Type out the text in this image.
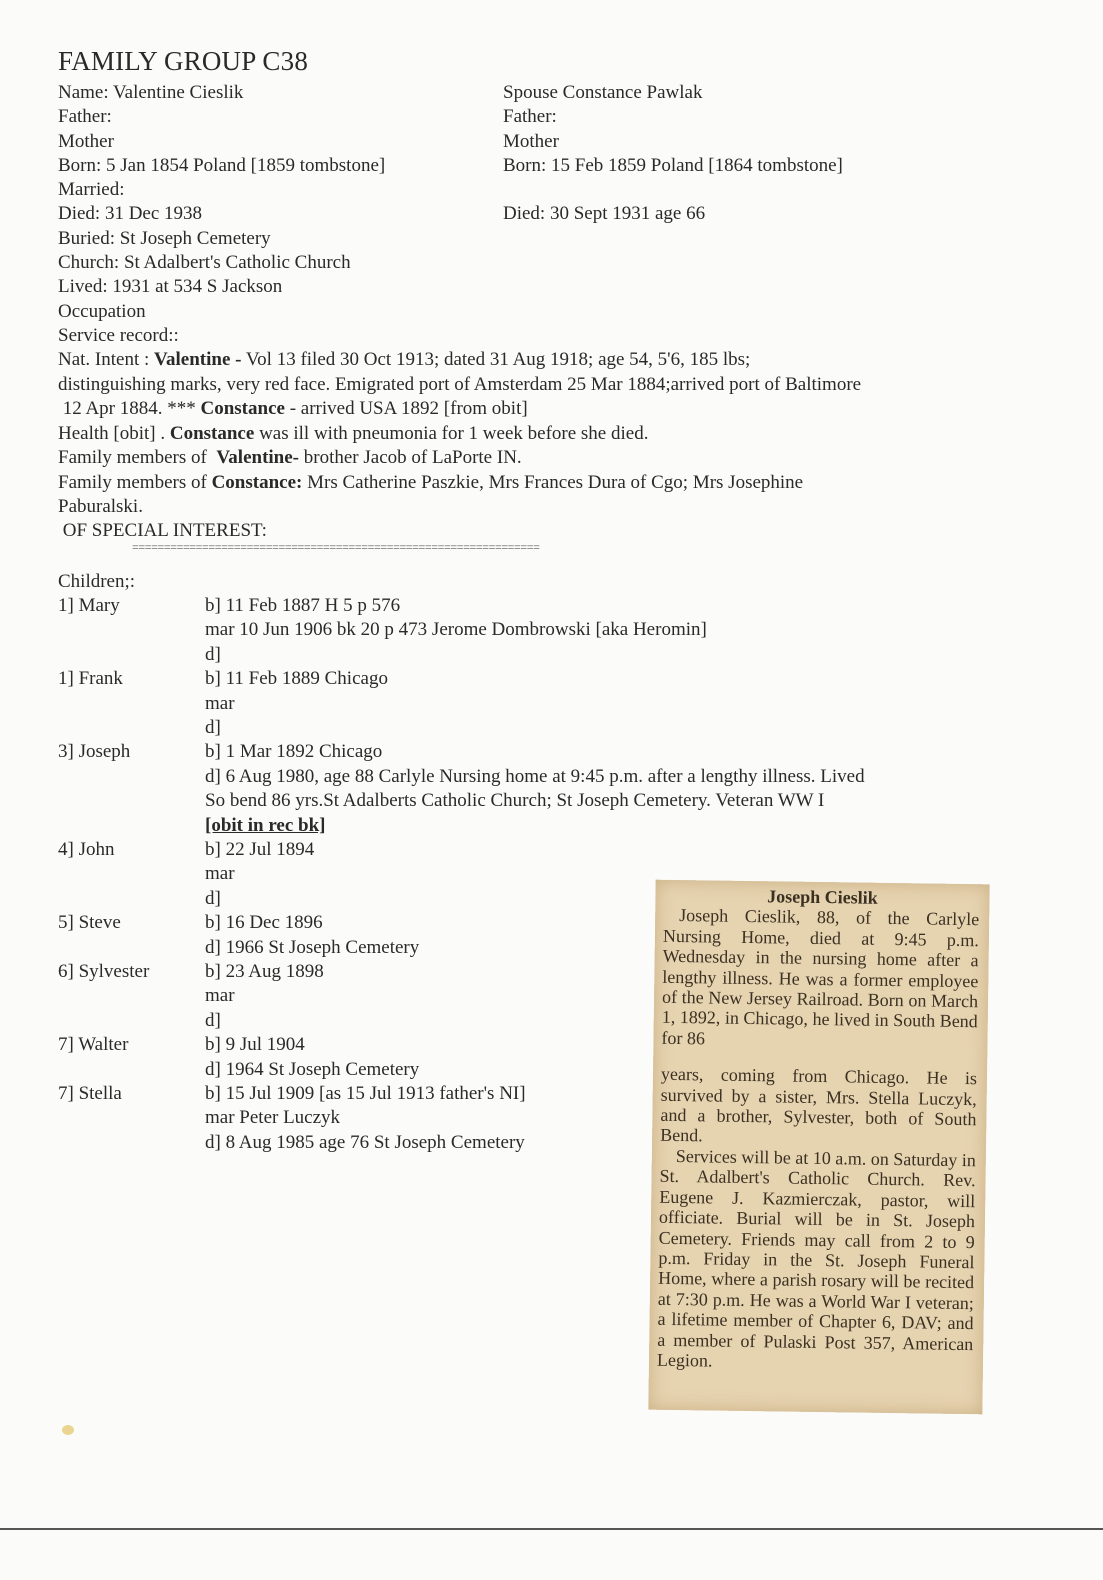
FAMILY GROUP C38
Name: Valentine Cieslik
Father:
Mother
Born: 5 Jan 1854 Poland [1859 tombstone]
Married:
Died: 31 Dec 1938
Buried: St Joseph Cemetery
Church: St Adalbert's Catholic Church
Lived: 1931 at 534 S Jackson
Occupation
Service record::
Spouse Constance Pawlak
Father:
Mother
Born: 15 Feb 1859 Poland [1864 tombstone]
Died: 30 Sept 1931 age 66
Nat. Intent : Valentine - Vol 13 filed 30 Oct 1913; dated 31 Aug 1918; age 54, 5'6, 185 lbs;
distinguishing marks, very red face. Emigrated port of Amsterdam 25 Mar 1884;arrived port of Baltimore
12 Apr 1884. *** Constance - arrived USA 1892 [from obit]
Health [obit] . Constance was ill with pneumonia for 1 week before she died.
Family members of  Valentine- brother Jacob of LaPorte IN.
Family members of Constance: Mrs Catherine Paszkie, Mrs Frances Dura of Cgo; Mrs Josephine
Paburalski.
OF SPECIAL INTEREST:
================================================================
Children;:
1] Mary	b] 11 Feb 1887 H 5 p 576
mar 10 Jun 1906 bk 20 p 473 Jerome Dombrowski [aka Heromin]
d]
1] Frank	b] 11 Feb 1889 Chicago
mar
d]
3] Joseph	b] 1 Mar 1892 Chicago
d] 6 Aug 1980, age 88 Carlyle Nursing home at 9:45 p.m. after a lengthy illness. Lived
So bend 86 yrs.St Adalberts Catholic Church; St Joseph Cemetery. Veteran WW I
[obit in rec bk]
4] John	b] 22 Jul 1894
mar
d]
5] Steve	b] 16 Dec 1896
d] 1966 St Joseph Cemetery
6] Sylvester	b] 23 Aug 1898
mar
d]
7] Walter	b] 9 Jul 1904
d] 1964 St Joseph Cemetery
7] Stella	b] 15 Jul 1909 [as 15 Jul 1913 father's NI]
mar Peter Luczyk
d] 8 Aug 1985 age 76 St Joseph Cemetery
Joseph Cieslik
Joseph Cieslik, 88, of the Carlyle Nursing Home, died at 9:45 p.m. Wednesday in the nursing home after a lengthy illness. He was a former employee of the New Jersey Railroad. Born on March 1, 1892, in Chicago, he lived in South Bend for 86
years, coming from Chicago. He is survived by a sister, Mrs. Stella Luczyk, and a brother, Sylvester, both of South Bend.
Services will be at 10 a.m. on Saturday in St. Adalbert's Catholic Church. Rev. Eugene J. Kazmierczak, pastor, will officiate. Burial will be in St. Joseph Cemetery. Friends may call from 2 to 9 p.m. Friday in the St. Joseph Funeral Home, where a parish rosary will be recited at 7:30 p.m. He was a World War I veteran; a lifetime member of Chapter 6, DAV; and a member of Pulaski Post 357, American Legion.
